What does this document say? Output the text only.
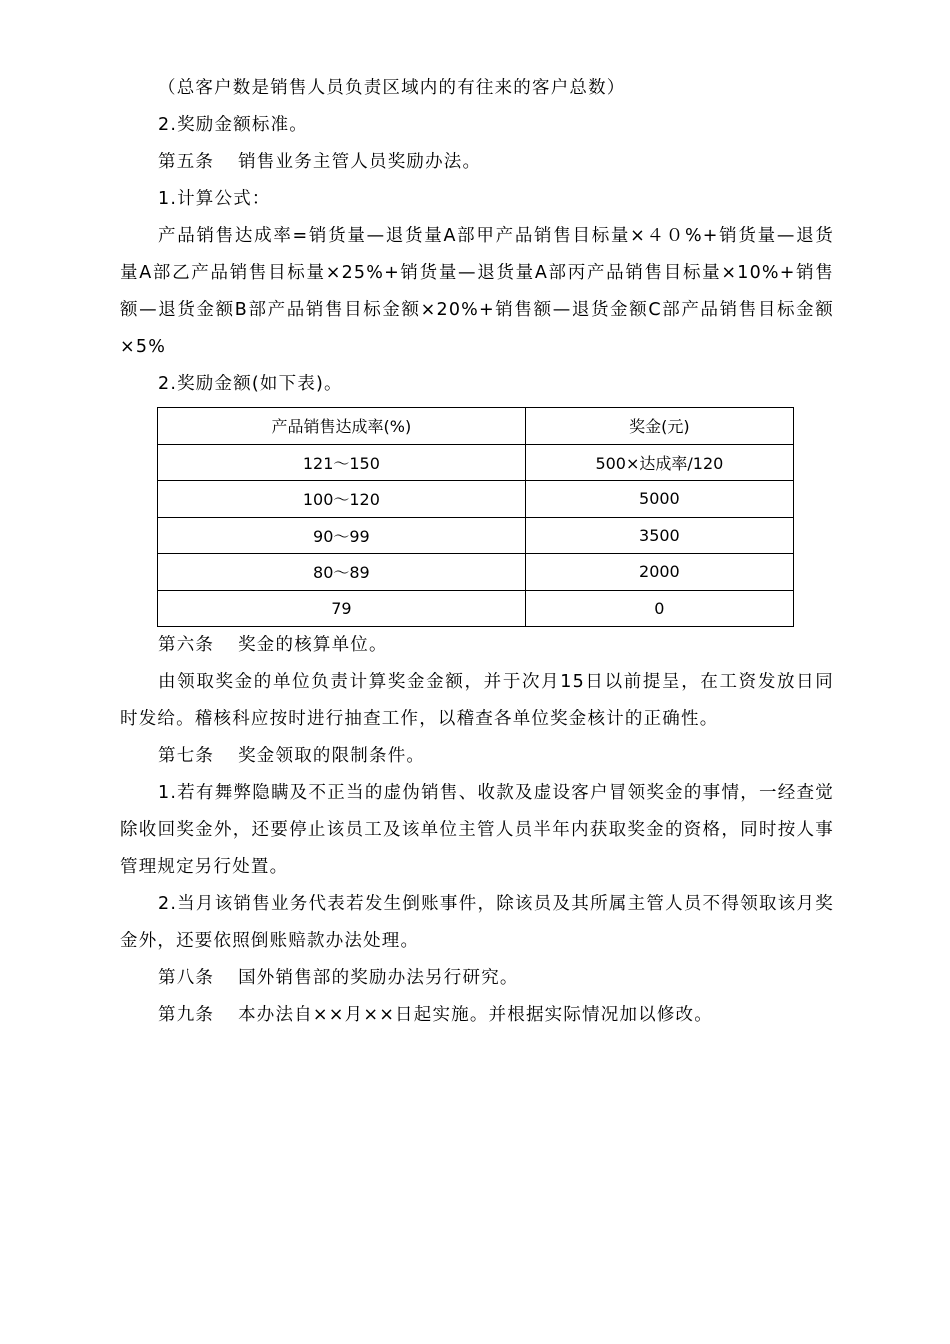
（总客户数是销售人员负责区域内的有往来的客户总数）

2.奖励金额标准。

第五条 销售业务主管人员奖励办法。

1.计算公式：

产品销售达成率=销货量—退货量A部甲产品销售目标量×４０%+销货量—退货量A部乙产品销售目标量×25%+销货量—退货量A部丙产品销售目标量×10%+销售额—退货金额B部产品销售目标金额×20%+销售额—退货金额C部产品销售目标金额×5%

2.奖励金额(如下表)。

产品销售达成率(%)	奖金(元)
121～150	500×达成率/120
100～120	5000
90～99	3500
80～89	2000
79	0

第六条 奖金的核算单位。

由领取奖金的单位负责计算奖金金额，并于次月15日以前提呈，在工资发放日同时发给。稽核科应按时进行抽查工作，以稽查各单位奖金核计的正确性。

第七条 奖金领取的限制条件。

1.若有舞弊隐瞒及不正当的虚伪销售、收款及虚设客户冒领奖金的事情，一经查觉除收回奖金外，还要停止该员工及该单位主管人员半年内获取奖金的资格，同时按人事管理规定另行处置。

2.当月该销售业务代表若发生倒账事件，除该员及其所属主管人员不得领取该月奖金外，还要依照倒账赔款办法处理。

第八条 国外销售部的奖励办法另行研究。

第九条 本办法自××月××日起实施。并根据实际情况加以修改。
